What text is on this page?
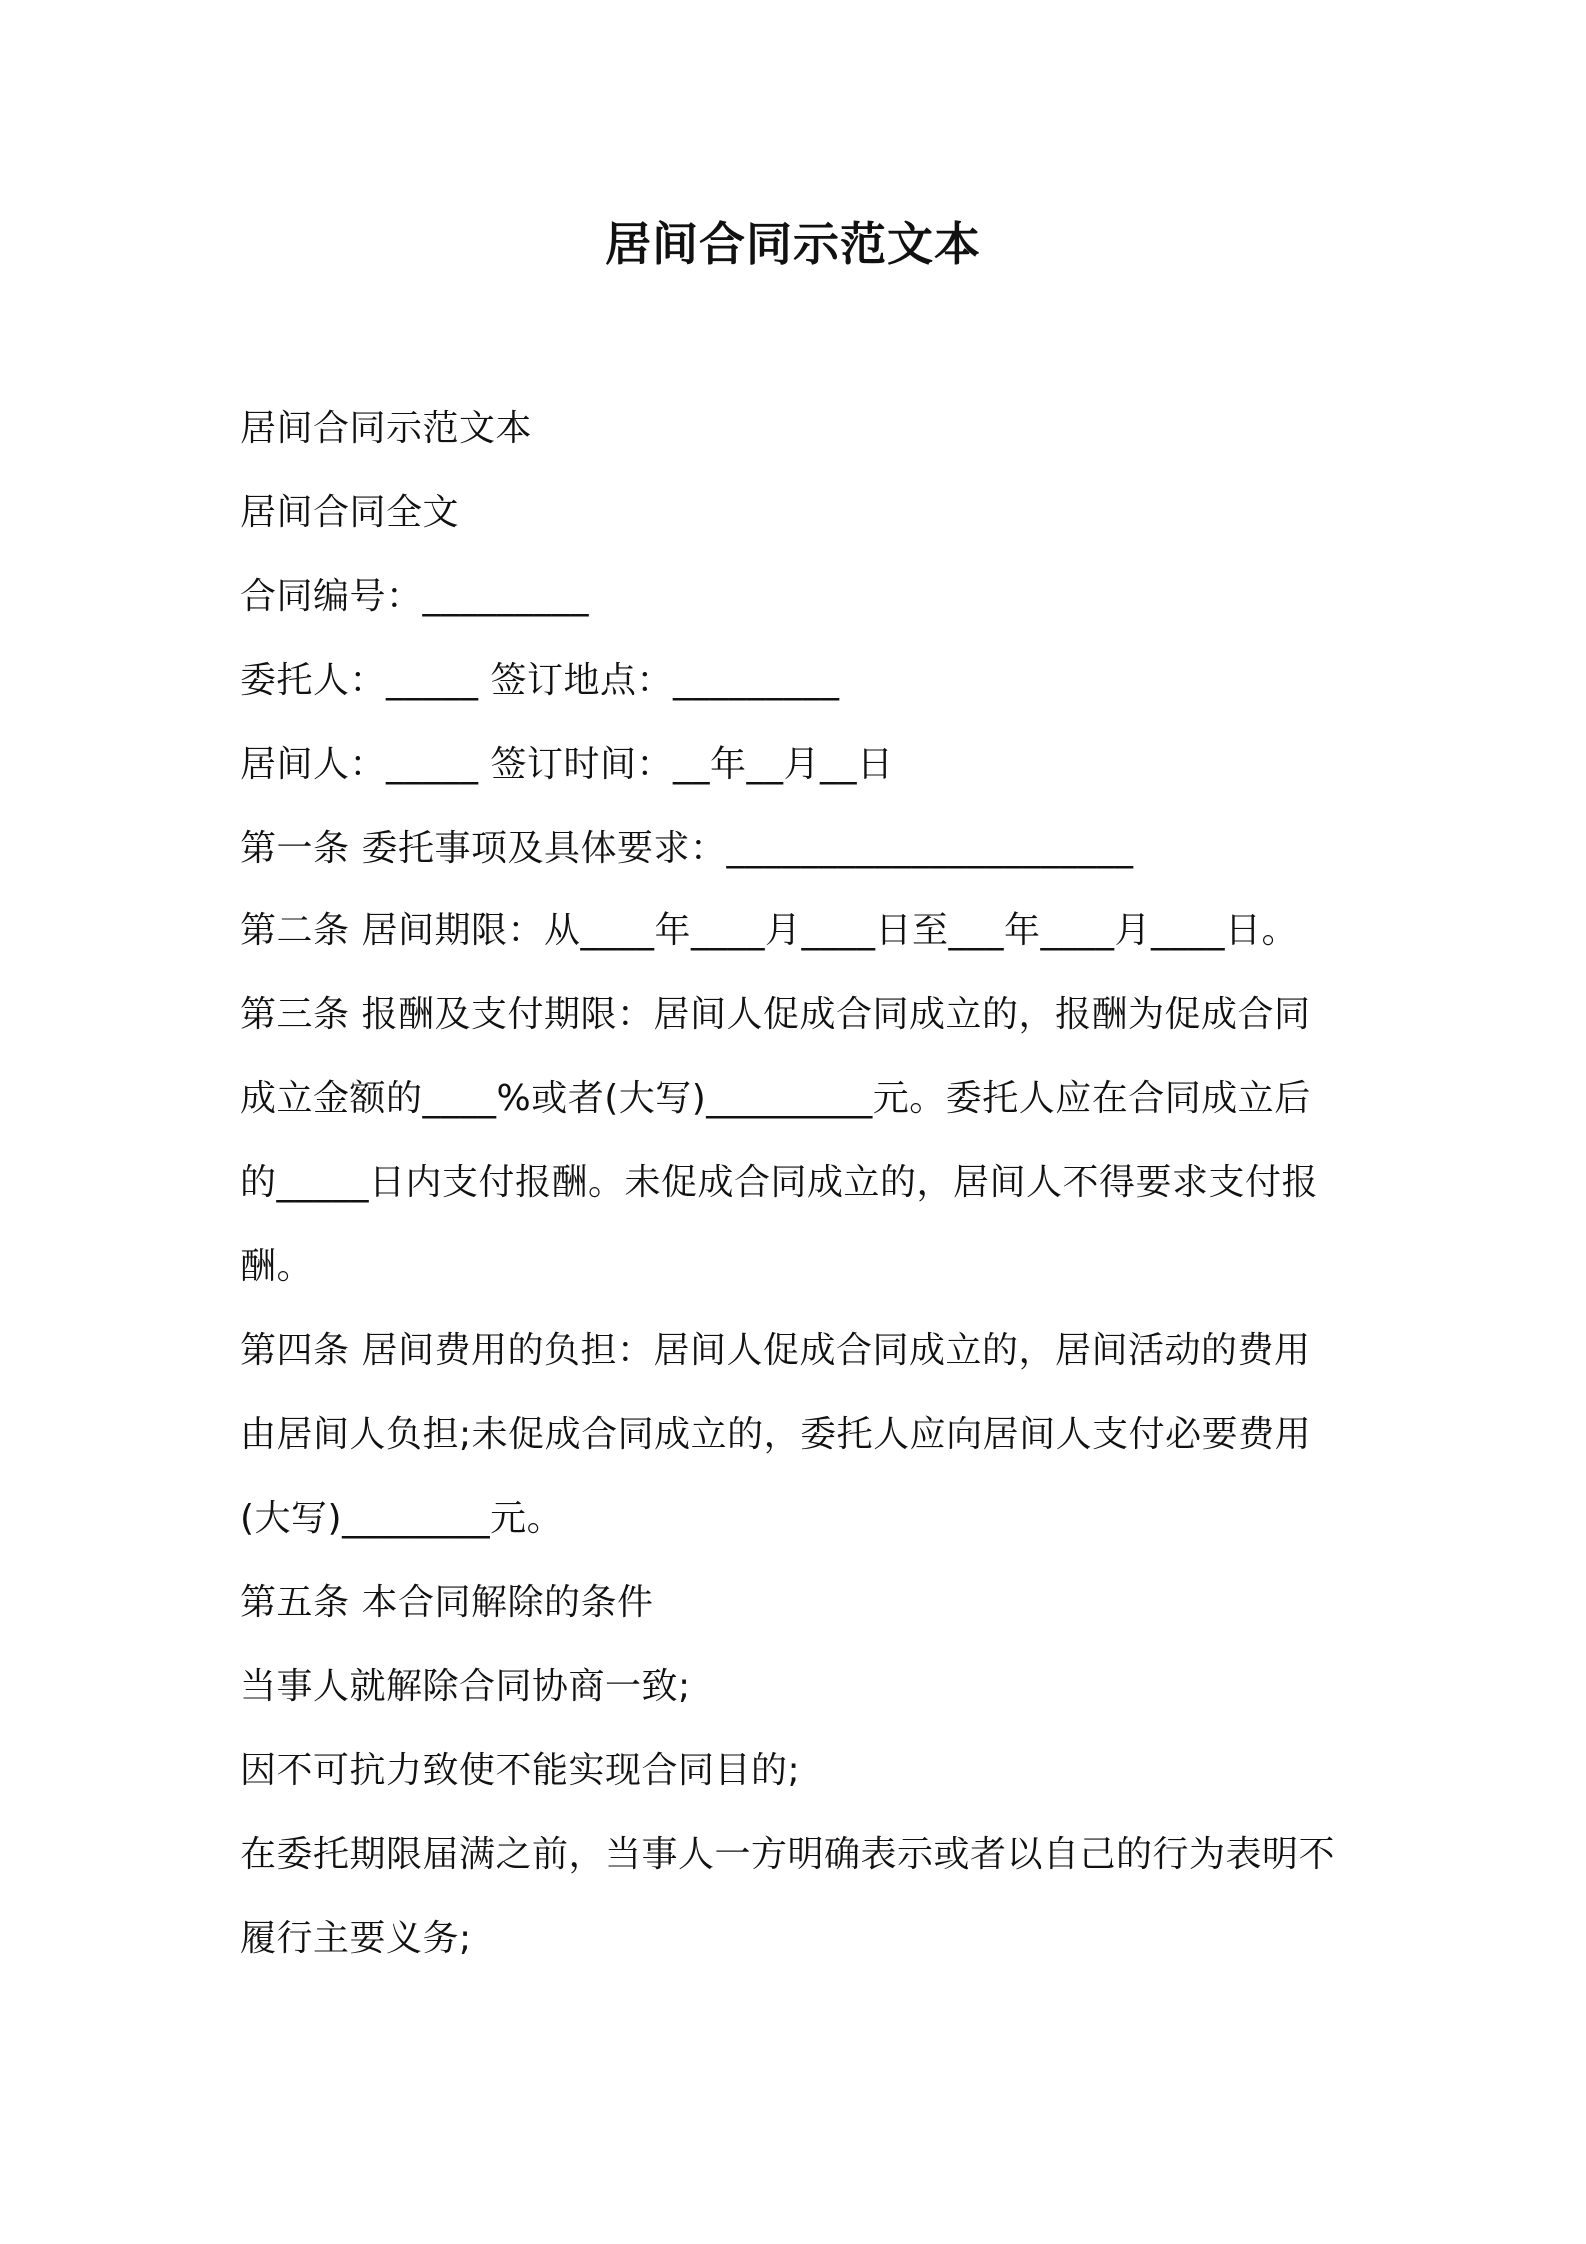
居间合同示范文本

居间合同示范文本

居间合同全文

合同编号：_________

委托人：_____ 签订地点：_________

居间人：_____ 签订时间：__年__月__日

第一条 委托事项及具体要求：______________________

第二条 居间期限：从____年____月____日至___年____月____日。

第三条 报酬及支付期限：居间人促成合同成立的，报酬为促成合同

成立金额的____%或者(大写)_________元。委托人应在合同成立后

的_____日内支付报酬。未促成合同成立的，居间人不得要求支付报

酬。

第四条 居间费用的负担：居间人促成合同成立的，居间活动的费用

由居间人负担;未促成合同成立的，委托人应向居间人支付必要费用

(大写)________元。

第五条 本合同解除的条件

当事人就解除合同协商一致;

因不可抗力致使不能实现合同目的;

在委托期限届满之前，当事人一方明确表示或者以自己的行为表明不

履行主要义务;
